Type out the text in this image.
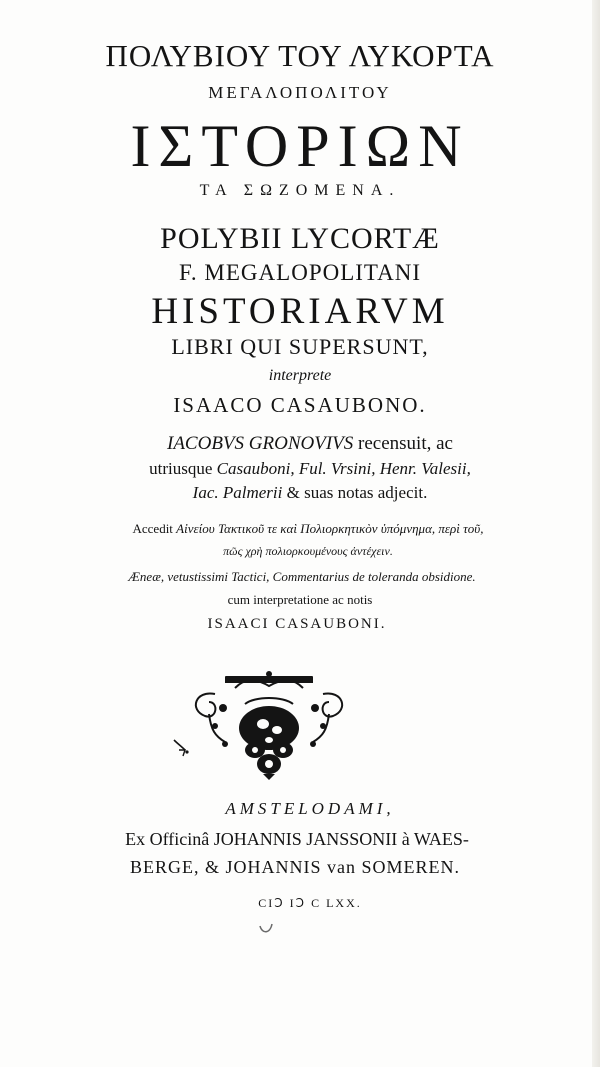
ΠΟΛΥΒΙΟΥ ΤΟΥ ΛΥΚΟΡΤΑ
ΜΕΓΑΛΟΠΟΛΙΤΟΥ
ΙΣΤΟΡΙΩΝ
ΤΑ ΣΩΖΟΜΕΝΑ.
POLYBII LYCORTÆ
F. MEGALOPOLITANI
HISTORIARVM
LIBRI QUI SUPERSUNT,
interprete
ISAACO CASAUBONO.
IACOBVS GRONOVIVS recensuit, ac
utriusque Casauboni, Ful. Vrsini, Henr. Valesii,
Iac. Palmerii & suas notas adjecit.
Accedit Αἰνείου Τακτικοῦ τε καὶ Πολιορκητικὸν ὑπόμνημα, περὶ τοῦ,
πῶς χρὴ πολιορκουμένους ἀντέχειν.
Æneæ, vetustissimi Tactici, Commentarius de toleranda obsidione.
cum interpretatione ac notis
ISAACI CASAUBONI.
AMSTELODAMI,
Ex Officinâ JOHANNIS JANSSONII à WAES-
BERGE, & JOHANNIS van SOMEREN.
CIↃ IↃ C LXX.
